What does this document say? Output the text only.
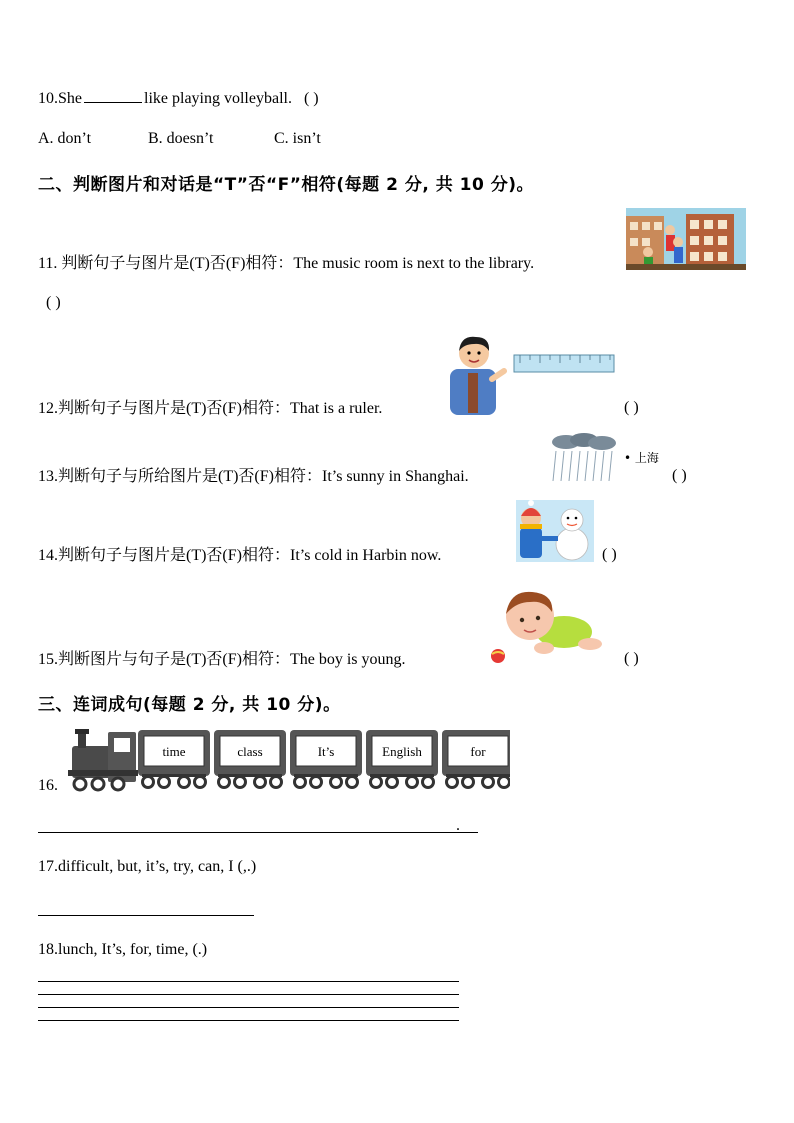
10.She	like playing volleyball. ( )
A. don’t	B. doesn’t	C. isn’t
二、判断图片和对话是“T”否“F”相符(每题 2 分, 共 10 分)。
11. 判断句子与图片是(T)否(F)相符：The music room is next to the library.
( )
12.判断句子与图片是(T)否(F)相符：That is a ruler.	( )
13.判断句子与所给图片是(T)否(F)相符：It’s sunny in Shanghai.	( )
• 上海
14.判断句子与图片是(T)否(F)相符：It’s cold in Harbin now.	( )
15.判断图片与句子是(T)否(F)相符：The boy is young.	( )
三、连词成句(每题 2 分, 共 10 分)。
16.
time	class	It’s	English	for
.
17.difficult, but, it’s, try, can, I (,.)
18.lunch, It’s, for, time, (.)
